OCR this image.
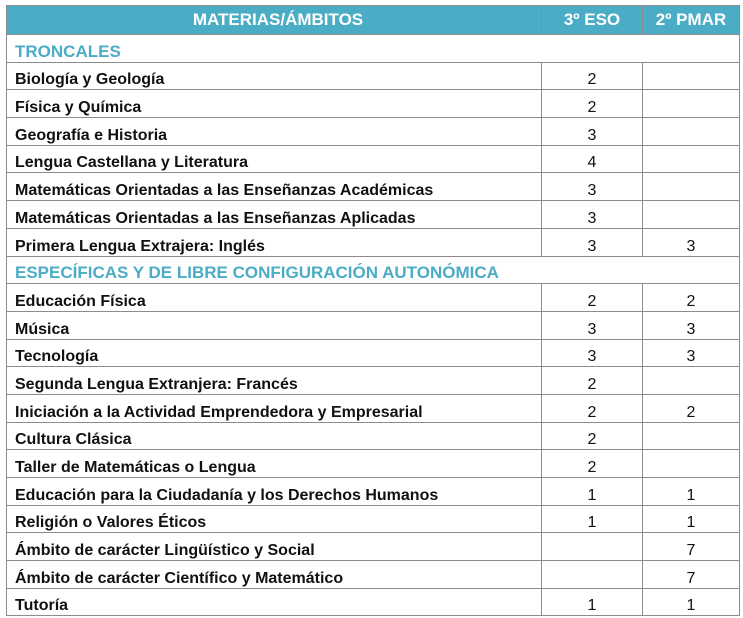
MATERIAS/ÁMBITOS	3º ESO	2º PMAR
TRONCALES		
Biología y Geología	2	
Física y Química	2	
Geografía e Historia	3	
Lengua Castellana y Literatura	4	
Matemáticas Orientadas a las Enseñanzas Académicas	3	
Matemáticas Orientadas a las Enseñanzas Aplicadas	3	
Primera Lengua Extrajera: Inglés	3	3
ESPECÍFICAS Y DE LIBRE CONFIGURACIÓN AUTONÓMICA		
Educación Física	2	2
Música	3	3
Tecnología	3	3
Segunda Lengua Extranjera: Francés	2	
Iniciación a la Actividad Emprendedora y Empresarial	2	2
Cultura Clásica	2	
Taller de Matemáticas o Lengua	2	
Educación para la Ciudadanía y los Derechos Humanos	1	1
Religión o Valores Éticos	1	1
Ámbito de carácter Lingüístico y Social		7
Ámbito de carácter Científico y Matemático		7
Tutoría	1	1
